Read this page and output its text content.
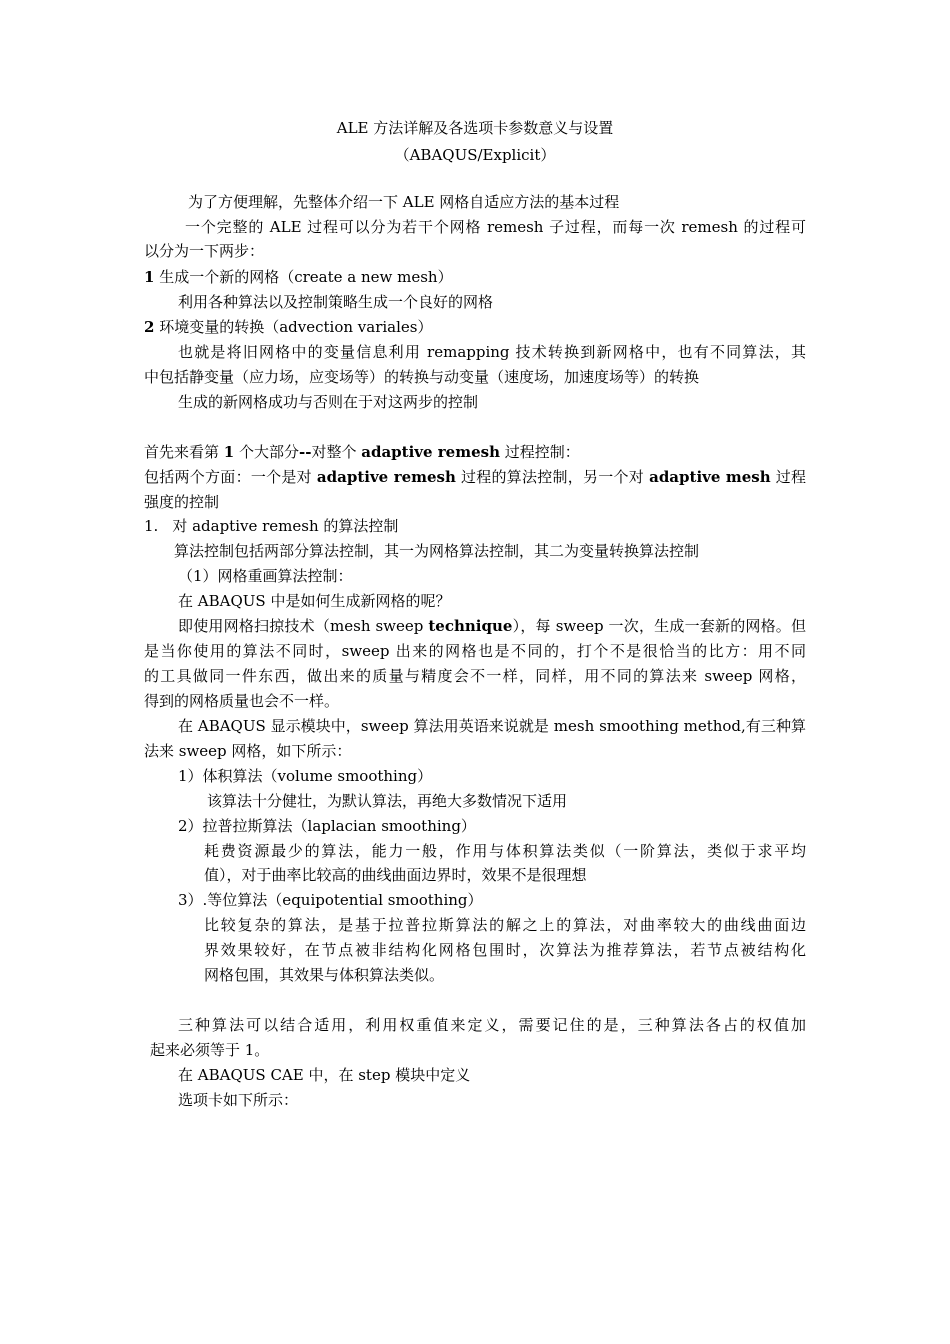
ALE 方法详解及各选项卡参数意义与设置
（ABAQUS/Explicit）
为了方便理解，先整体介绍一下 ALE 网格自适应方法的基本过程
一个完整的 ALE 过程可以分为若干个网格 remesh 子过程，而每一次 remesh 的过程可
以分为一下两步：
1 生成一个新的网格（create a new mesh）
利用各种算法以及控制策略生成一个良好的网格
2 环境变量的转换（advection variales）
也就是将旧网格中的变量信息利用 remapping 技术转换到新网格中，也有不同算法，其
中包括静变量（应力场，应变场等）的转换与动变量（速度场，加速度场等）的转换
生成的新网格成功与否则在于对这两步的控制
首先来看第 1 个大部分--对整个 adaptive remesh 过程控制：
包括两个方面：一个是对 adaptive remesh 过程的算法控制，另一个对 adaptive mesh 过程
强度的控制
1. 对 adaptive remesh 的算法控制
算法控制包括两部分算法控制，其一为网格算法控制，其二为变量转换算法控制
（1）网格重画算法控制：
在 ABAQUS 中是如何生成新网格的呢？
即使用网格扫掠技术（mesh sweep technique），每 sweep 一次，生成一套新的网格。但
是当你使用的算法不同时，sweep 出来的网格也是不同的，打个不是很恰当的比方：用不同
的工具做同一件东西，做出来的质量与精度会不一样，同样，用不同的算法来 sweep 网格，
得到的网格质量也会不一样。
在 ABAQUS 显示模块中，sweep 算法用英语来说就是 mesh smoothing method,有三种算
法来 sweep 网格，如下所示：
1）体积算法（volume smoothing）
该算法十分健壮，为默认算法，再绝大多数情况下适用
2）拉普拉斯算法（laplacian smoothing）
耗费资源最少的算法，能力一般，作用与体积算法类似（一阶算法，类似于求平均
值），对于曲率比较高的曲线曲面边界时，效果不是很理想
3）.等位算法（equipotential smoothing）
比较复杂的算法，是基于拉普拉斯算法的解之上的算法，对曲率较大的曲线曲面边
界效果较好，在节点被非结构化网格包围时，次算法为推荐算法，若节点被结构化
网格包围，其效果与体积算法类似。
三种算法可以结合适用，利用权重值来定义，需要记住的是，三种算法各占的权值加
起来必须等于 1。
在 ABAQUS CAE 中，在 step 模块中定义
选项卡如下所示：
